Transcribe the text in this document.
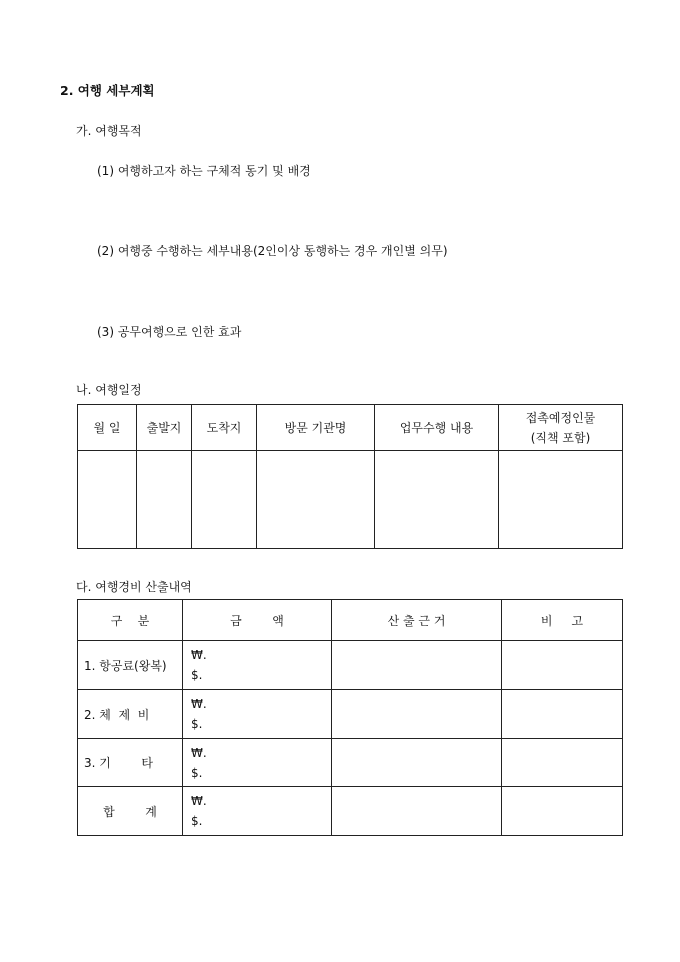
2. 여행 세부계획
가. 여행목적
(1) 여행하고자 하는 구체적 동기 및 배경
(2) 여행중 수행하는 세부내용(2인이상 동행하는 경우 개인별 의무)
(3) 공무여행으로 인한 효과
나. 여행일정
월 일	출발지	도착지	방문 기관명	업무수행 내용	접촉예정인물
(직책 포함)

다. 여행경비 산출내역
구    분	금        액	산 출 근 거	비     고
1. 항공료(왕복)	₩.
$.		

2. 체  제  비	₩.
$.		

3. 기        타	₩.
$.		

합        계	₩.
$.		
